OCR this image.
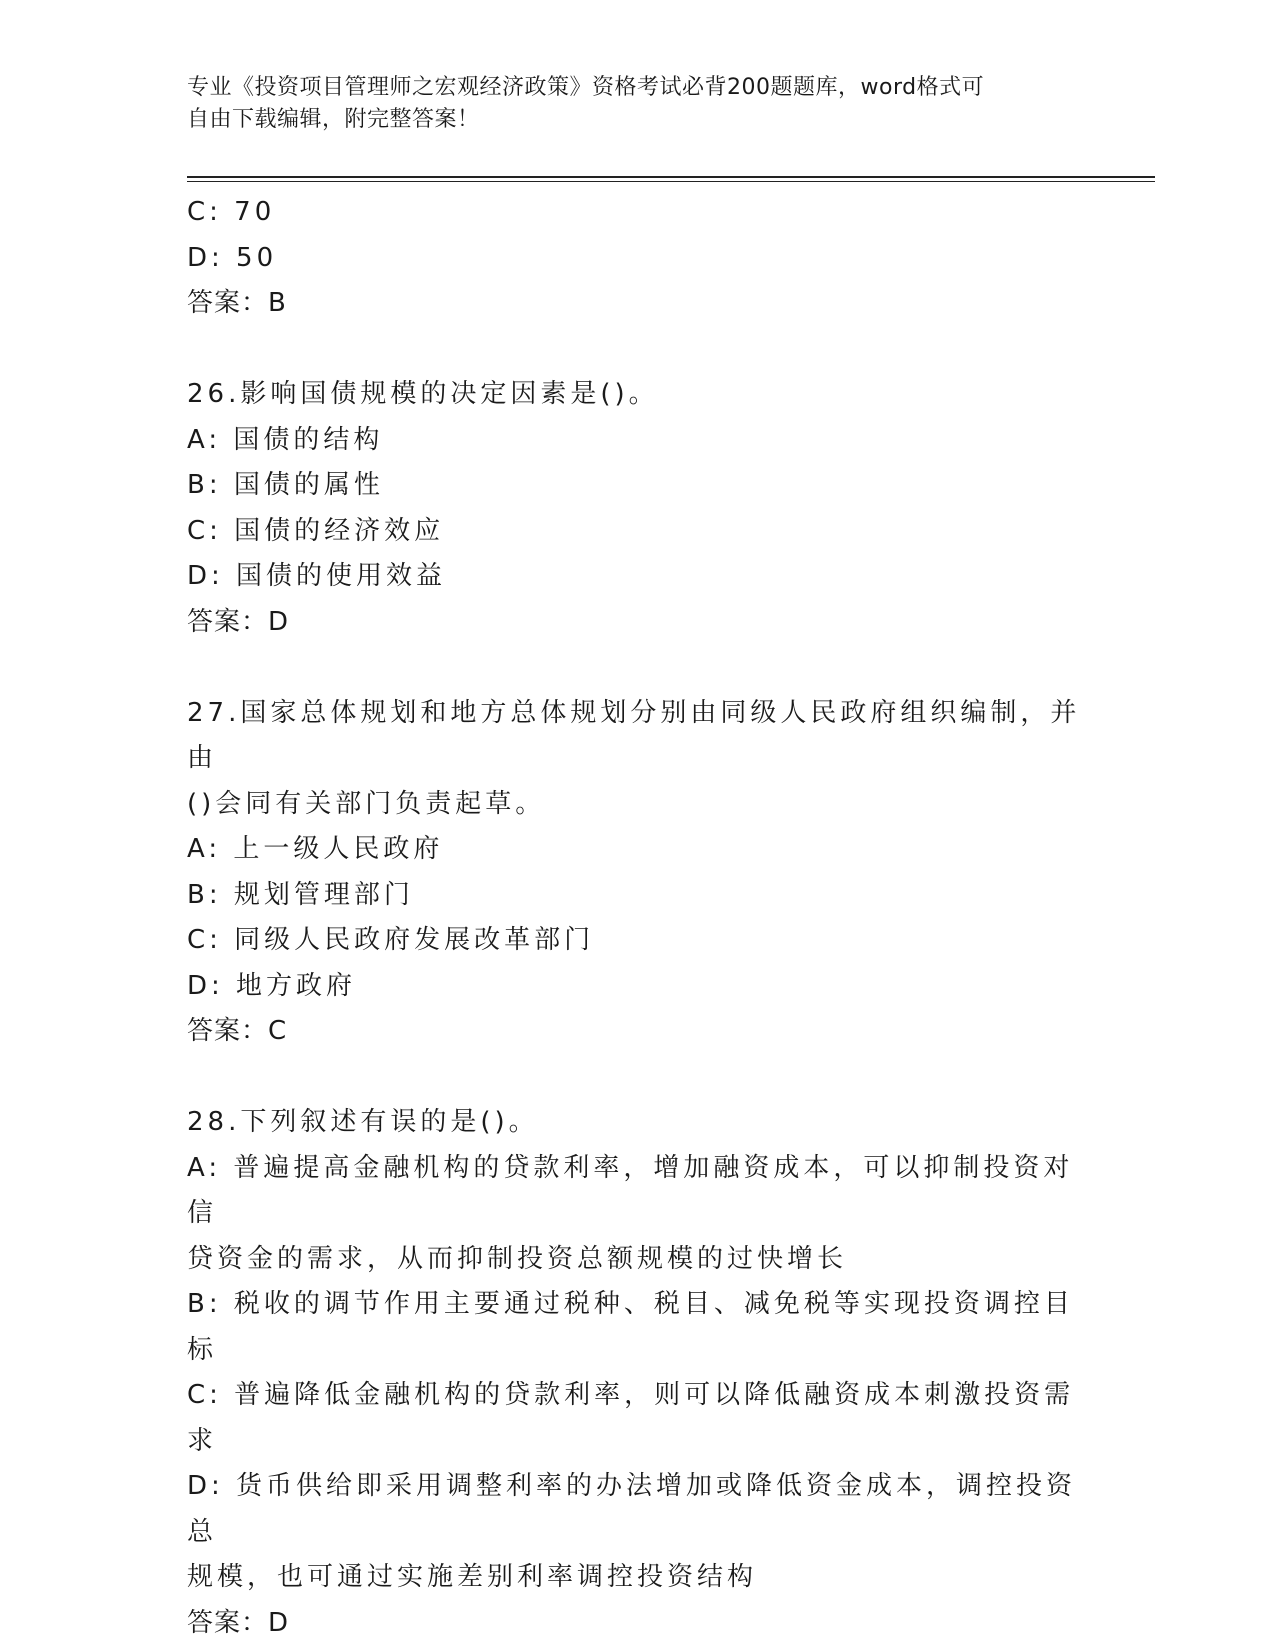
专业《投资项目管理师之宏观经济政策》资格考试必背200题题库，word格式可
自由下载编辑，附完整答案！
C: 70
D: 50
答案：B
26.影响国债规模的决定因素是()。
A: 国债的结构
B: 国债的属性
C: 国债的经济效应
D: 国债的使用效益
答案：D
27.国家总体规划和地方总体规划分别由同级人民政府组织编制，并由
()会同有关部门负责起草。
A: 上一级人民政府
B: 规划管理部门
C: 同级人民政府发展改革部门
D: 地方政府
答案：C
28.下列叙述有误的是()。
A: 普遍提高金融机构的贷款利率，增加融资成本，可以抑制投资对信
贷资金的需求，从而抑制投资总额规模的过快增长
B: 税收的调节作用主要通过税种、税目、减免税等实现投资调控目标
C: 普遍降低金融机构的贷款利率，则可以降低融资成本刺激投资需求
D: 货币供给即采用调整利率的办法增加或降低资金成本，调控投资总
规模，也可通过实施差别利率调控投资结构
答案：D
